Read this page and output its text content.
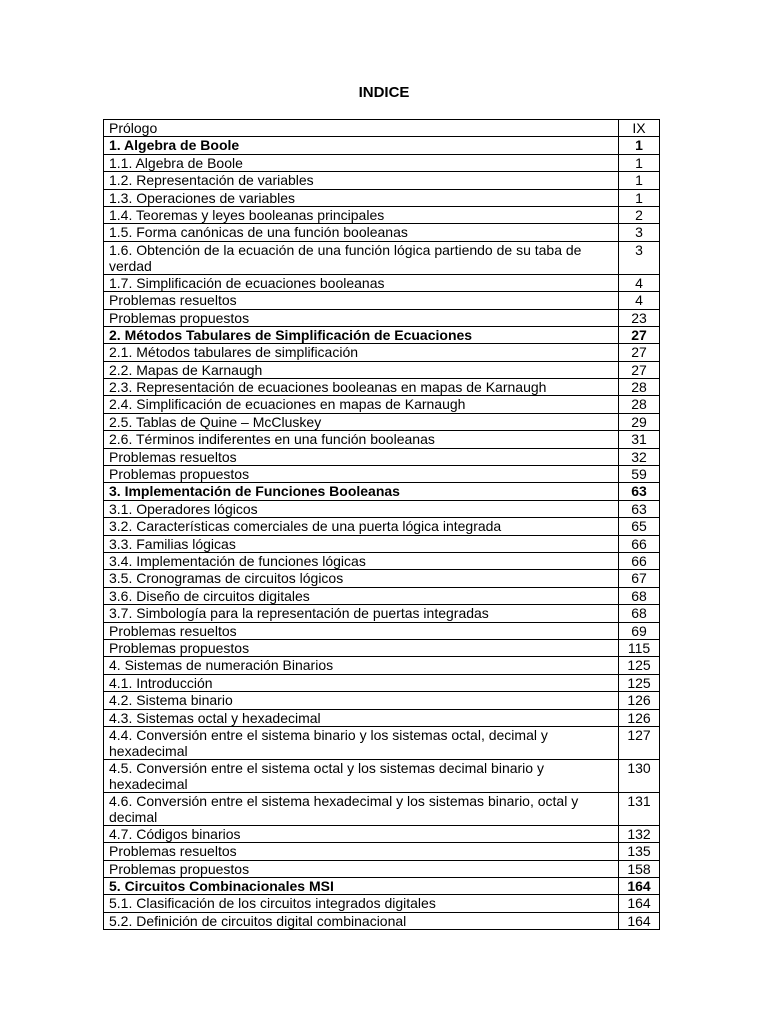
INDICE
Prólogo	IX
1. Algebra de Boole	1
1.1. Algebra de Boole	1
1.2. Representación de variables	1
1.3. Operaciones de variables	1
1.4. Teoremas y leyes booleanas principales	2
1.5. Forma canónicas de una función booleanas	3
1.6. Obtención de la ecuación de una función lógica partiendo de su taba de verdad	3
1.7. Simplificación de ecuaciones booleanas	4
Problemas resueltos	4
Problemas propuestos	23
2. Métodos Tabulares de Simplificación de Ecuaciones	27
2.1. Métodos tabulares de simplificación	27
2.2. Mapas de Karnaugh	27
2.3. Representación de ecuaciones booleanas en mapas de Karnaugh	28
2.4. Simplificación de ecuaciones en mapas de Karnaugh	28
2.5. Tablas de Quine – McCluskey	29
2.6. Términos indiferentes en una función booleanas	31
Problemas resueltos	32
Problemas propuestos	59
3. Implementación de Funciones Booleanas	63
3.1. Operadores lógicos	63
3.2. Características comerciales de una puerta lógica integrada	65
3.3. Familias lógicas	66
3.4. Implementación de funciones lógicas	66
3.5. Cronogramas de circuitos lógicos	67
3.6. Diseño de circuitos digitales	68
3.7. Simbología para la representación de puertas integradas	68
Problemas resueltos	69
Problemas propuestos	115
4. Sistemas de numeración Binarios	125
4.1. Introducción	125
4.2. Sistema binario	126
4.3. Sistemas octal y hexadecimal	126
4.4. Conversión entre el sistema binario y los sistemas octal, decimal y hexadecimal	127
4.5. Conversión entre el sistema octal y los sistemas decimal binario y hexadecimal	130
4.6. Conversión entre el sistema hexadecimal y los sistemas binario, octal y decimal	131
4.7. Códigos binarios	132
Problemas resueltos	135
Problemas propuestos	158
5. Circuitos Combinacionales MSI	164
5.1. Clasificación de los circuitos integrados digitales	164
5.2. Definición de circuitos digital combinacional	164
